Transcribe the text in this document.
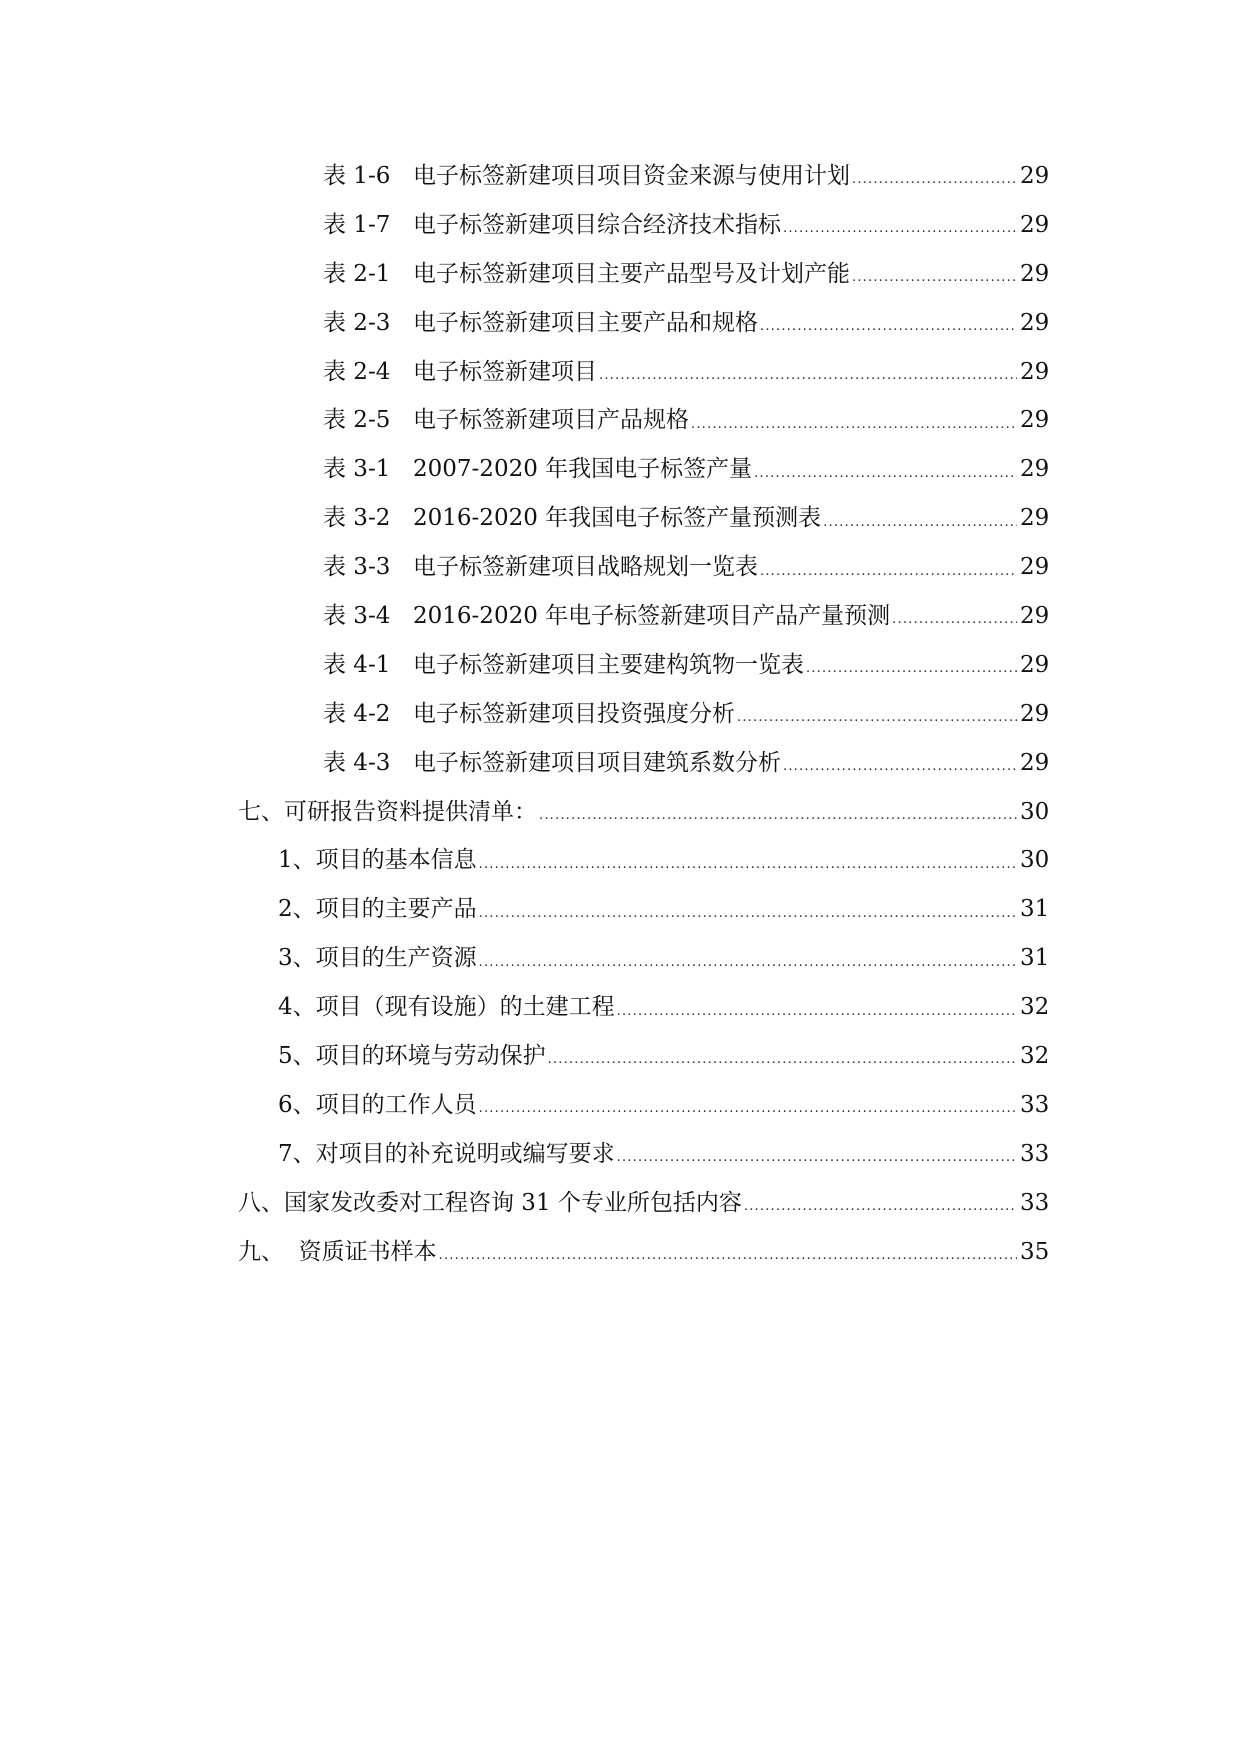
表 1-6 电子标签新建项目项目资金来源与使用计划 .....	29
表 1-7 电子标签新建项目综合经济技术指标 .....	29
表 2-1 电子标签新建项目主要产品型号及计划产能 .....	29
表 2-3 电子标签新建项目主要产品和规格 .....	29
表 2-4 电子标签新建项目 .....	29
表 2-5 电子标签新建项目产品规格 .....	29
表 3-1 2007-2020 年我国电子标签产量 .....	29
表 3-2 2016-2020 年我国电子标签产量预测表 .....	29
表 3-3 电子标签新建项目战略规划一览表 .....	29
表 3-4 2016-2020 年电子标签新建项目产品产量预测 .....	29
表 4-1 电子标签新建项目主要建构筑物一览表 .....	29
表 4-2 电子标签新建项目投资强度分析 .....	29
表 4-3 电子标签新建项目项目建筑系数分析 .....	29
七、可研报告资料提供清单： .....	30
1、项目的基本信息 .....	30
2、项目的主要产品 .....	31
3、项目的生产资源 .....	31
4、项目（现有设施）的土建工程 .....	32
5、项目的环境与劳动保护 .....	32
6、项目的工作人员 .....	33
7、对项目的补充说明或编写要求 .....	33
八、国家发改委对工程咨询 31 个专业所包括内容 .....	33
九、  资质证书样本 .....	35
